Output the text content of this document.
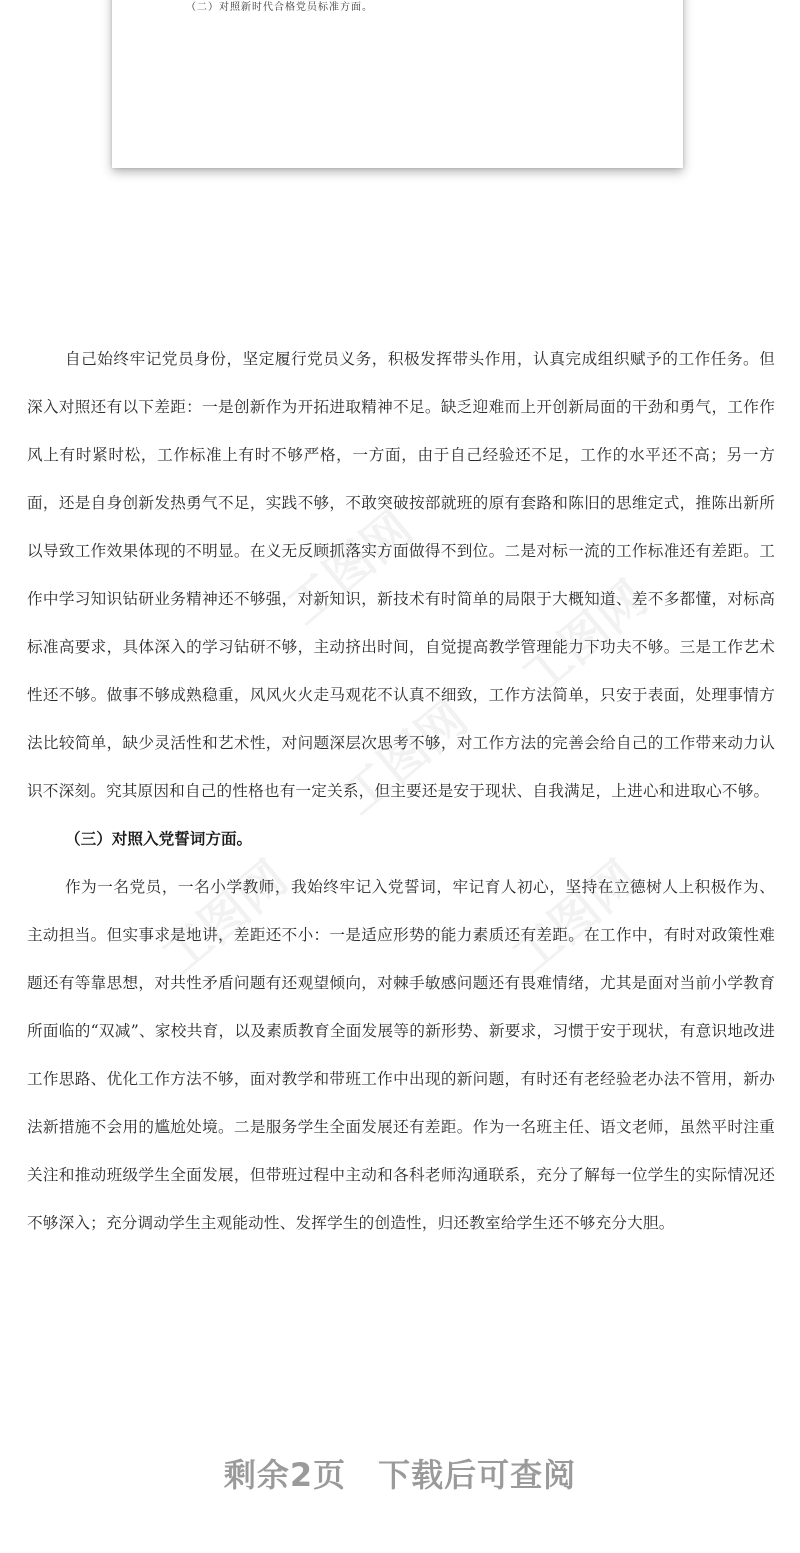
（二）对照新时代合格党员标准方面。
工图网
工图网
工图网
工图网	工图网

自己始终牢记党员身份，坚定履行党员义务，积极发挥带头作用，认真完成组织赋予的工作任务。但深入对照还有以下差距：一是创新作为开拓进取精神不足。缺乏迎难而上开创新局面的干劲和勇气，工作作风上有时紧时松，工作标准上有时不够严格，一方面，由于自己经验还不足，工作的水平还不高；另一方面，还是自身创新发热勇气不足，实践不够，不敢突破按部就班的原有套路和陈旧的思维定式，推陈出新所以导致工作效果体现的不明显。在义无反顾抓落实方面做得不到位。二是对标一流的工作标准还有差距。工作中学习知识钻研业务精神还不够强，对新知识，新技术有时简单的局限于大概知道、差不多都懂，对标高标准高要求，具体深入的学习钻研不够，主动挤出时间，自觉提高教学管理能力下功夫不够。三是工作艺术性还不够。做事不够成熟稳重，风风火火走马观花不认真不细致，工作方法简单，只安于表面，处理事情方法比较简单，缺少灵活性和艺术性，对问题深层次思考不够，对工作方法的完善会给自己的工作带来动力认识不深刻。究其原因和自己的性格也有一定关系，但主要还是安于现状、自我满足，上进心和进取心不够。

（三）对照入党誓词方面。

作为一名党员，一名小学教师，我始终牢记入党誓词，牢记育人初心，坚持在立德树人上积极作为、主动担当。但实事求是地讲，差距还不小：一是适应形势的能力素质还有差距。在工作中，有时对政策性难题还有等靠思想，对共性矛盾问题有还观望倾向，对棘手敏感问题还有畏难情绪，尤其是面对当前小学教育所面临的“双减”、家校共育，以及素质教育全面发展等的新形势、新要求，习惯于安于现状，有意识地改进工作思路、优化工作方法不够，面对教学和带班工作中出现的新问题，有时还有老经验老办法不管用，新办法新措施不会用的尴尬处境。二是服务学生全面发展还有差距。作为一名班主任、语文老师，虽然平时注重关注和推动班级学生全面发展，但带班过程中主动和各科老师沟通联系，充分了解每一位学生的实际情况还不够深入；充分调动学生主观能动性、发挥学生的创造性，归还教室给学生还不够充分大胆。

剩余2页 下载后可查阅
